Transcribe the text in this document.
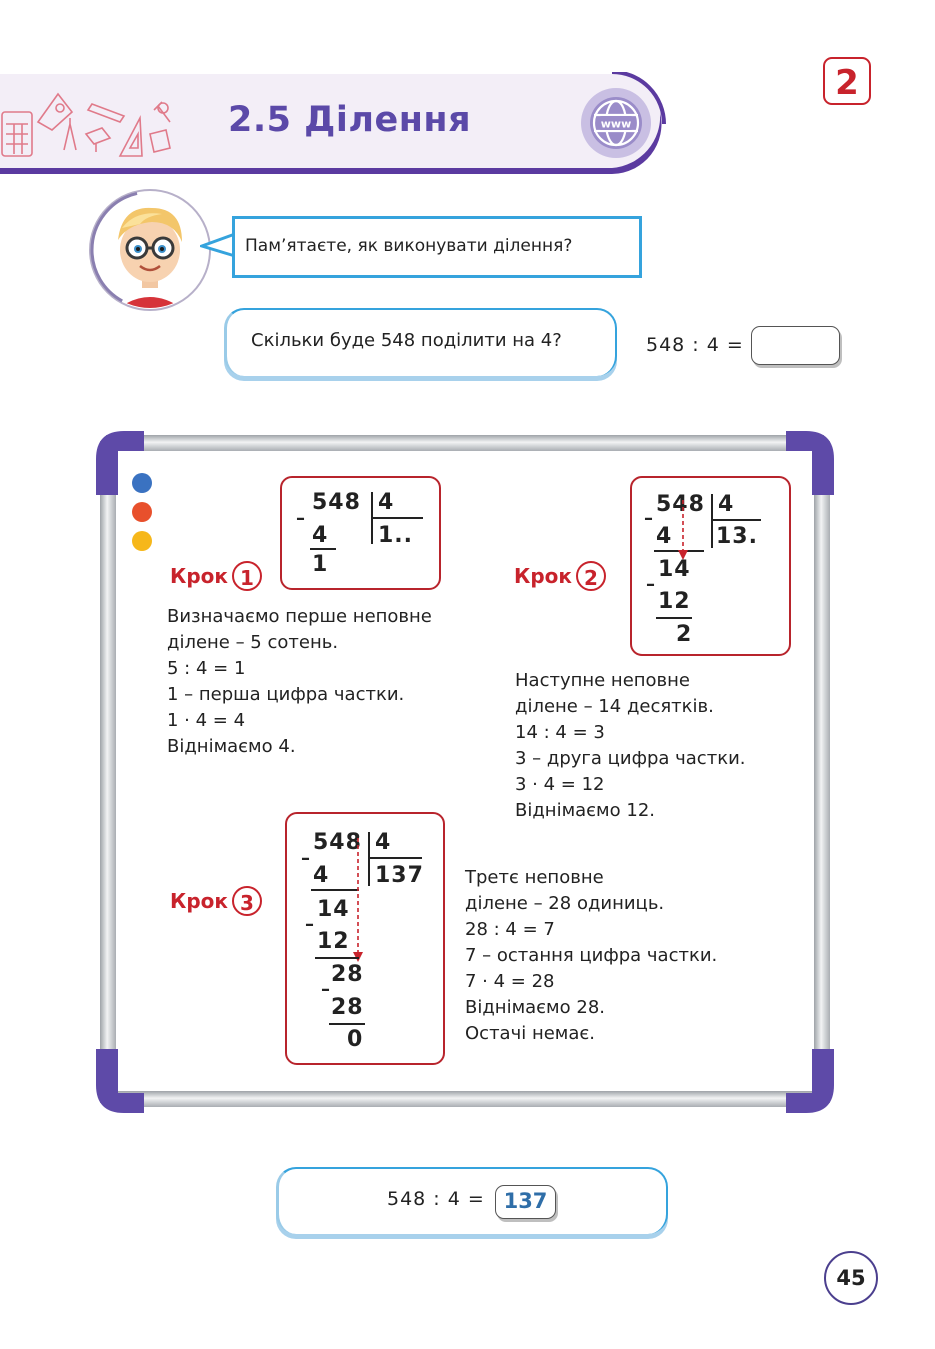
www
2.5 Ділення
2
Пам’ятаєте, як виконувати ділення?
Скільки буде 548 поділити на 4?	548 : 4 =
Крок 1
548 4
1..
–
4
1
Визначаємо перше неповне
ділене – 5 сотень.
5 : 4 = 1
1 – перша цифра частки.
1 · 4 = 4
Віднімаємо 4.
Крок 2
548 4
13.
–
4
14
–
12
2
Наступне неповне
ділене – 14 десятків.
14 : 4 = 3
3 – друга цифра частки.
3 · 4 = 12
Віднімаємо 12.
Крок 3
548 4
137
–
4
14
–
12
28
–
28
0
Третє неповне
ділене – 28 одиниць.
28 : 4 = 7
7 – остання цифра частки.
7 · 4 = 28
Віднімаємо 28.
Остачі немає.
548 : 4 = 137
45
